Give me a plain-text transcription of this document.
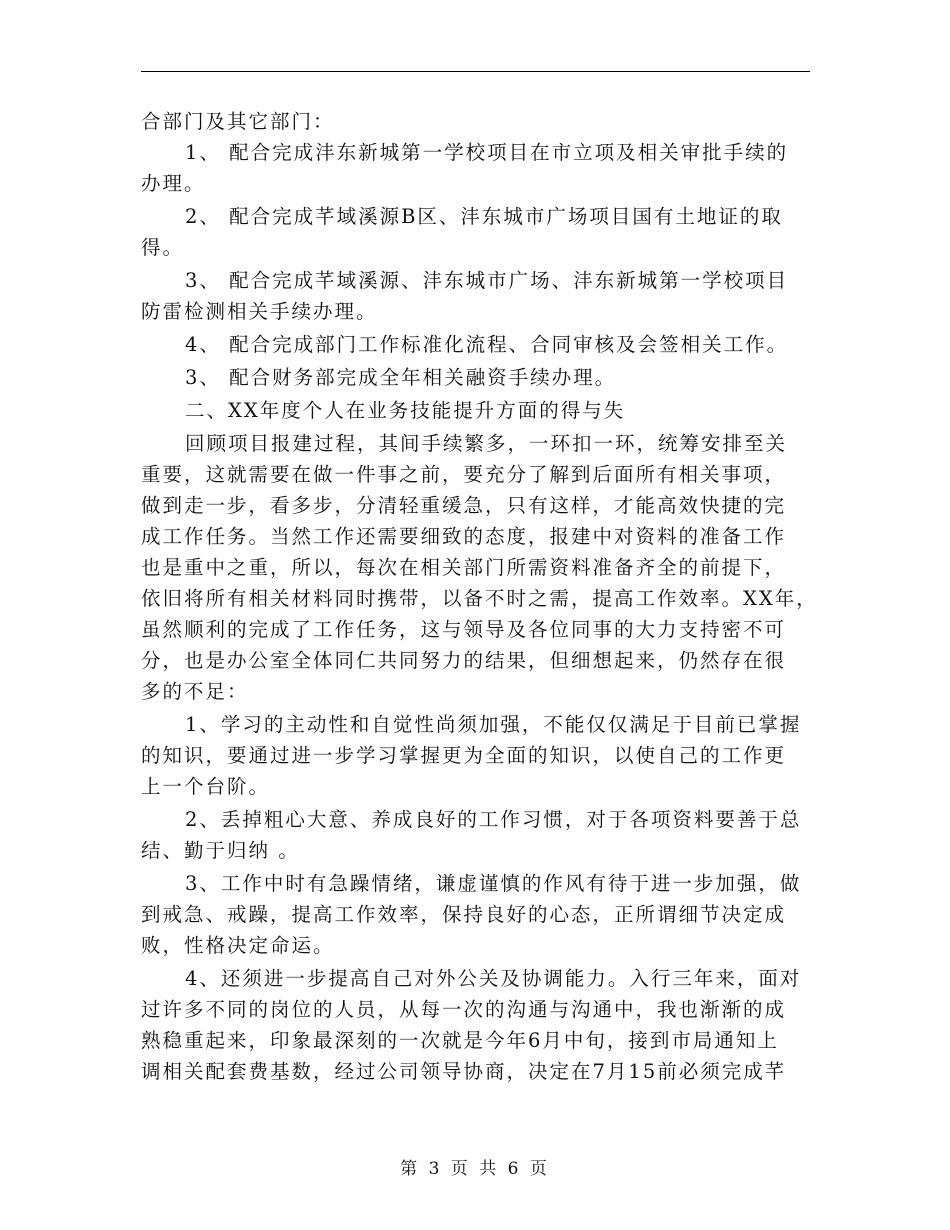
合部门及其它部门：

1、 配合完成沣东新城第一学校项目在市立项及相关审批手续的

办理。

2、 配合完成芊域溪源B区、沣东城市广场项目国有土地证的取

得。

3、 配合完成芊域溪源、沣东城市广场、沣东新城第一学校项目

防雷检测相关手续办理。

4、 配合完成部门工作标准化流程、合同审核及会签相关工作。

3、 配合财务部完成全年相关融资手续办理。

二、XX年度个人在业务技能提升方面的得与失

回顾项目报建过程，其间手续繁多，一环扣一环，统筹安排至关

重要，这就需要在做一件事之前，要充分了解到后面所有相关事项，

做到走一步，看多步，分清轻重缓急，只有这样，才能高效快捷的完

成工作任务。当然工作还需要细致的态度，报建中对资料的准备工作

也是重中之重，所以，每次在相关部门所需资料准备齐全的前提下，

依旧将所有相关材料同时携带，以备不时之需，提高工作效率。XX年，

虽然顺利的完成了工作任务，这与领导及各位同事的大力支持密不可

分，也是办公室全体同仁共同努力的结果，但细想起来，仍然存在很

多的不足：

1、学习的主动性和自觉性尚须加强，不能仅仅满足于目前已掌握

的知识，要通过进一步学习掌握更为全面的知识，以使自己的工作更

上一个台阶。

2、丢掉粗心大意、养成良好的工作习惯，对于各项资料要善于总

结、勤于归纳 。

3、工作中时有急躁情绪，谦虚谨慎的作风有待于进一步加强，做

到戒急、戒躁，提高工作效率，保持良好的心态，正所谓细节决定成

败，性格决定命运。

4、还须进一步提高自己对外公关及协调能力。入行三年来，面对

过许多不同的岗位的人员，从每一次的沟通与沟通中，我也渐渐的成

熟稳重起来，印象最深刻的一次就是今年6月中旬，接到市局通知上

调相关配套费基数，经过公司领导协商，决定在7月15前必须完成芊

第 3 页 共 6 页
